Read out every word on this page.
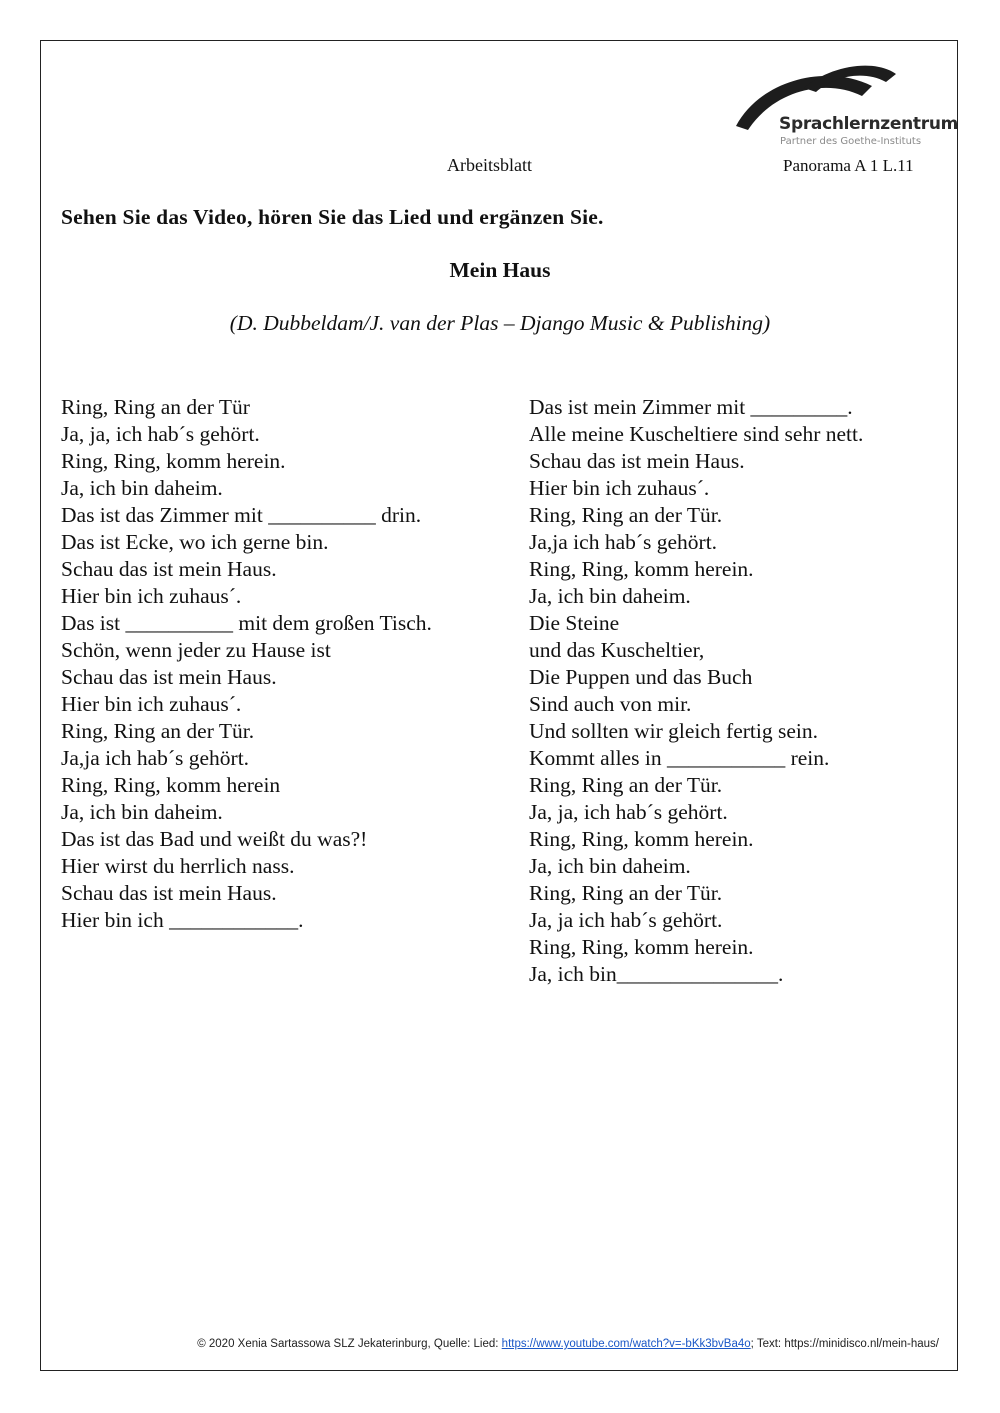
Sprachlernzentrum
Partner des Goethe-Instituts
Arbeitsblatt	Panorama A 1 L.11
Sehen Sie das Video, hören Sie das Lied und ergänzen Sie.
Mein Haus
(D. Dubbeldam/J. van der Plas – Django Music & Publishing)
Ring, Ring an der Tür
Ja, ja, ich hab´s gehört.
Ring, Ring, komm herein.
Ja, ich bin daheim.
Das ist das Zimmer mit __________ drin.
Das ist Ecke, wo ich gerne bin.
Schau das ist mein Haus.
Hier bin ich zuhaus´.
Das ist __________ mit dem großen Tisch.
Schön, wenn jeder zu Hause ist
Schau das ist mein Haus.
Hier bin ich zuhaus´.
Ring, Ring an der Tür.
Ja,ja ich hab´s gehört.
Ring, Ring, komm herein
Ja, ich bin daheim.
Das ist das Bad und weißt du was?!
Hier wirst du herrlich nass.
Schau das ist mein Haus.
Hier bin ich ____________.
Das ist mein Zimmer mit _________.
Alle meine Kuscheltiere sind sehr nett.
Schau das ist mein Haus.
Hier bin ich zuhaus´.
Ring, Ring an der Tür.
Ja,ja ich hab´s gehört.
Ring, Ring, komm herein.
Ja, ich bin daheim.
Die Steine
und das Kuscheltier,
Die Puppen und das Buch
Sind auch von mir.
Und sollten wir gleich fertig sein.
Kommt alles in ___________ rein.
Ring, Ring an der Tür.
Ja, ja, ich hab´s gehört.
Ring, Ring, komm herein.
Ja, ich bin daheim.
Ring, Ring an der Tür.
Ja, ja ich hab´s gehört.
Ring, Ring, komm herein.
Ja, ich bin_______________.
© 2020 Xenia Sartassowa SLZ Jekaterinburg, Quelle: Lied: https://www.youtube.com/watch?v=-bKk3bvBa4o; Text: https://minidisco.nl/mein-haus/
